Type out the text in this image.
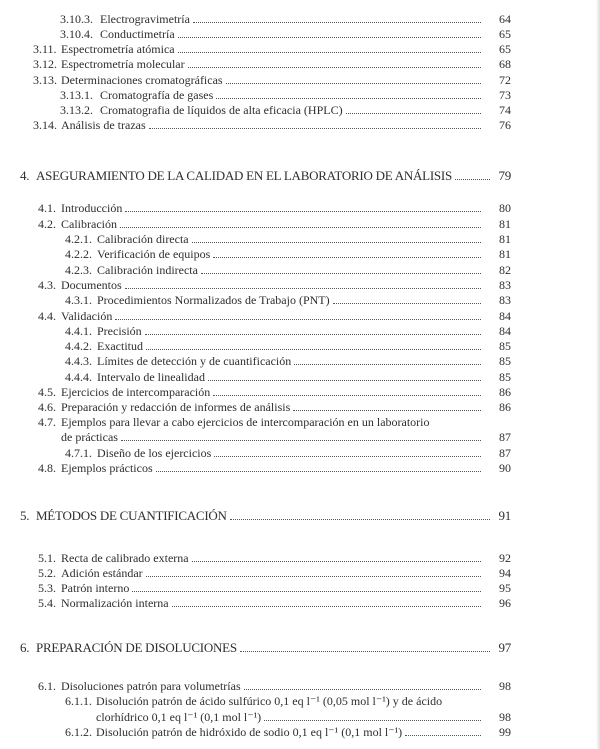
3.10.3. Electrogravimetría	64
3.10.4. Conductimetría	65
3.11. Espectrometría atómica	65
3.12. Espectrometría molecular	68
3.13. Determinaciones cromatográficas	72
3.13.1. Cromatografía de gases	73
3.13.2. Cromatografia de líquidos de alta eficacia (HPLC)	74
3.14. Análisis de trazas	76
4. ASEGURAMIENTO DE LA CALIDAD EN EL LABORATORIO DE ANÁLISIS	79
4.1. Introducción	80
4.2. Calibración	81
4.2.1. Calibración directa	81
4.2.2. Verificación de equipos	81
4.2.3. Calibración indirecta	82
4.3. Documentos	83
4.3.1. Procedimientos Normalizados de Trabajo (PNT)	83
4.4. Validación	84
4.4.1. Precisión	84
4.4.2. Exactitud	85
4.4.3. Límites de detección y de cuantificación	85
4.4.4. Intervalo de linealidad	85
4.5. Ejercicios de intercomparación	86
4.6. Preparación y redacción de informes de análisis	86
4.7. Ejemplos para llevar a cabo ejercicios de intercomparación en un laboratorio
de prácticas	87
4.7.1. Diseño de los ejercicios	87
4.8. Ejemplos prácticos	90
5. MÉTODOS DE CUANTIFICACIÓN	91
5.1. Recta de calibrado externa	92
5.2. Adición estándar	94
5.3. Patrón interno	95
5.4. Normalización interna	96
6. PREPARACIÓN DE DISOLUCIONES	97
6.1. Disoluciones patrón para volumetrías	98
6.1.1. Disolución patrón de ácido sulfúrico 0,1 eq l⁻¹ (0,05 mol l⁻¹) y de ácido
clorhídrico 0,1 eq l⁻¹ (0,1 mol l⁻¹)	98
6.1.2. Disolución patrón de hidróxido de sodio 0,1 eq l⁻¹ (0,1 mol l⁻¹)	99
